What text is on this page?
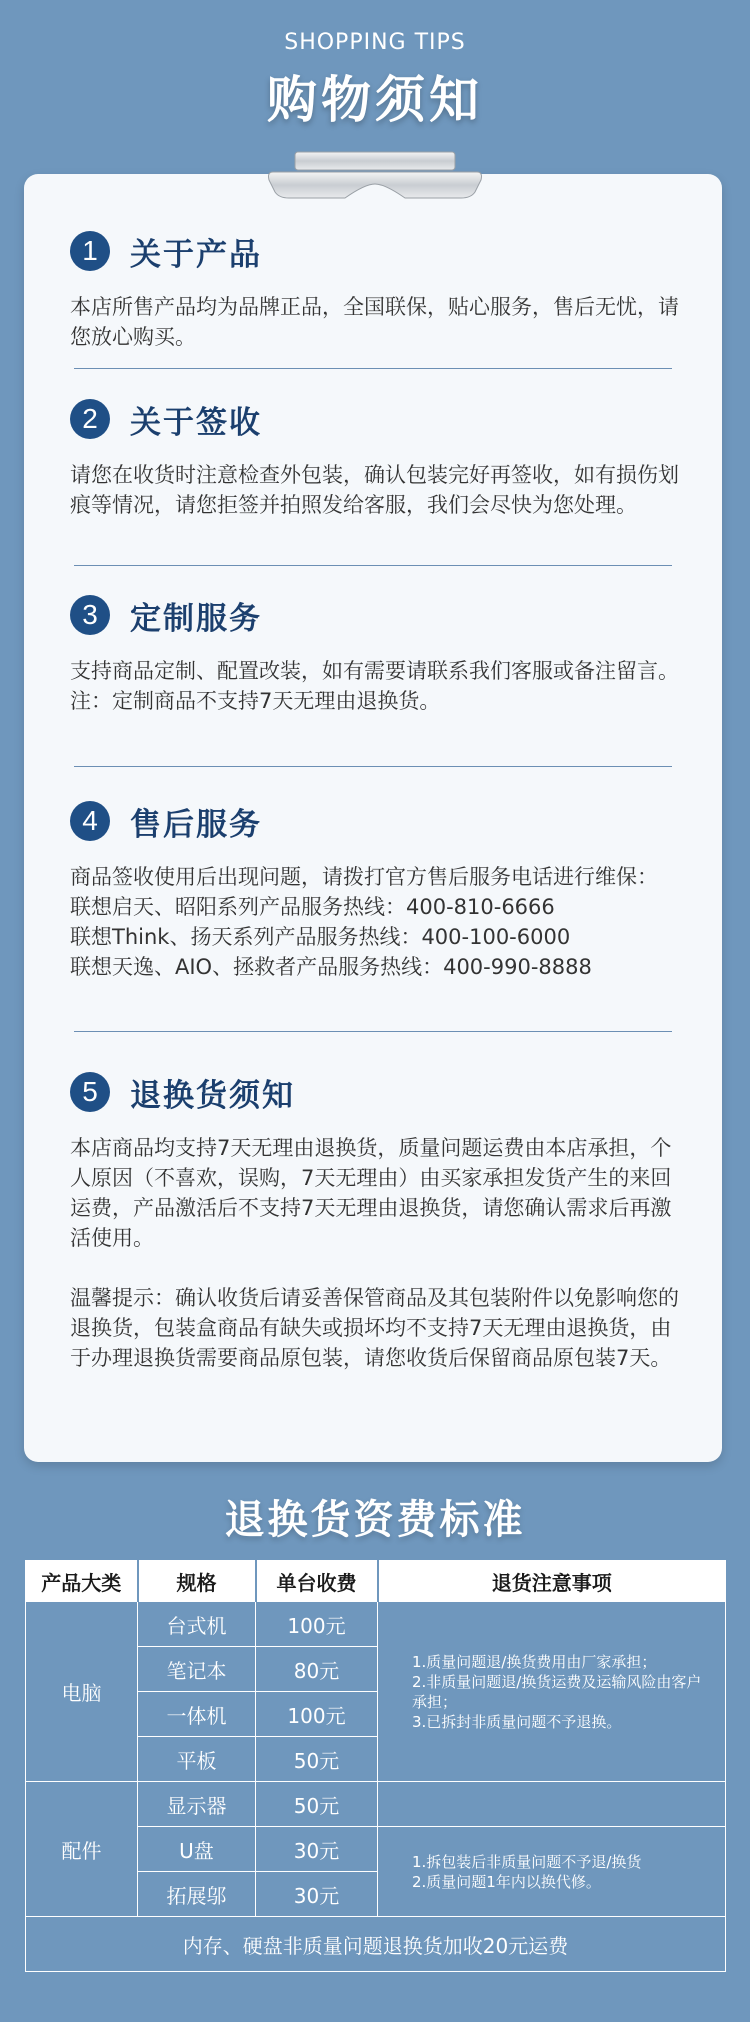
SHOPPING TIPS
购物须知
1	关于产品

本店所售产品均为品牌正品，全国联保，贴心服务，售后无忧，请您放心购买。

2	关于签收

请您在收货时注意检查外包装，确认包装完好再签收，如有损伤划痕等情况，请您拒签并拍照发给客服，我们会尽快为您处理。

3	定制服务

支持商品定制、配置改装，如有需要请联系我们客服或备注留言。

注：定制商品不支持7天无理由退换货。

4	售后服务

商品签收使用后出现问题，请拨打官方售后服务电话进行维保：

联想启天、昭阳系列产品服务热线：400-810-6666

联想Think、扬天系列产品服务热线：400-100-6000

联想天逸、AIO、拯救者产品服务热线：400-990-8888

5	退换货须知

本店商品均支持7天无理由退换货，质量问题运费由本店承担，个人原因（不喜欢，误购，7天无理由）由买家承担发货产生的来回运费，产品激活后不支持7天无理由退换货，请您确认需求后再激活使用。

温馨提示：确认收货后请妥善保管商品及其包装附件以免影响您的退换货，包装盒商品有缺失或损坏均不支持7天无理由退换货，由于办理退换货需要商品原包装，请您收货后保留商品原包装7天。

退换货资费标准
产品大类	规格	单台收费	退货注意事项
电脑	台式机	100元	1.质量问题退/换货费用由厂家承担；
2.非质量问题退/换货运费及运输风险由客户承担；
3.已拆封非质量问题不予退换。

	笔记本	80元	
	一体机	100元	
	平板	50元	
配件	显示器	50元	
	U盘	30元	1.拆包装后非质量问题不予退/换货
2.质量问题1年内以换代修。

	拓展邬	30元	
内存、硬盘非质量问题退换货加收20元运费			
